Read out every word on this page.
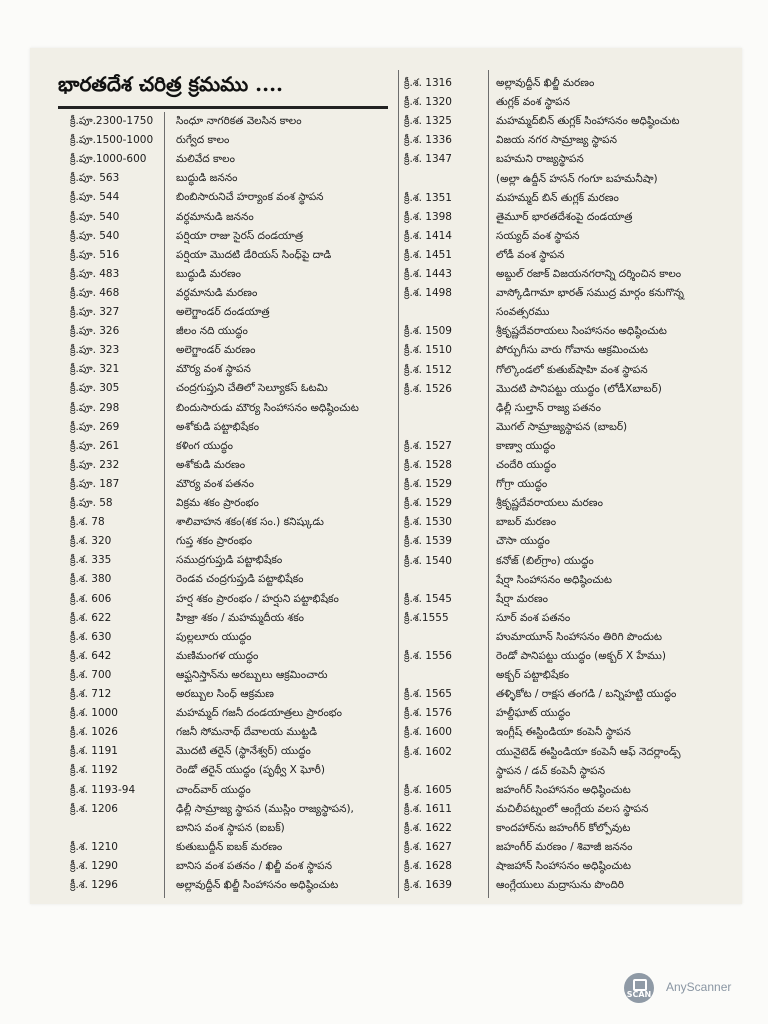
భారతదేశ చరిత్ర క్రమము ....
క్రీ.పూ.2300-1750	సింధూ నాగరికత వెలసిన కాలం
క్రీ.పూ.1500-1000	రుగ్వేద కాలం
క్రీ.పూ.1000-600	మలివేద కాలం
క్రీ.పూ. 563	బుద్ధుడి జననం
క్రీ.పూ. 544	బింబిసారునిచే హర్యాంక వంశ స్థాపన
క్రీ.పూ. 540	వర్ధమానుడి జననం
క్రీ.పూ. 540	పర్షియా రాజు సైరస్ దండయాత్ర
క్రీ.పూ. 516	పర్షియా మొదటి డేరియస్ సింధ్‌పై దాడి
క్రీ.పూ. 483	బుద్ధుడి మరణం
క్రీ.పూ. 468	వర్ధమానుడి మరణం
క్రీ.పూ. 327	అలెగ్జాండర్ దండయాత్ర
క్రీ.పూ. 326	జీలం నది యుద్ధం
క్రీ.పూ. 323	అలెగ్జాండర్ మరణం
క్రీ.పూ. 321	మౌర్య వంశ స్థాపన
క్రీ.పూ. 305	చంద్రగుప్తుని చేతిలో సెల్యూకస్ ఓటమి
క్రీ.పూ. 298	బిందుసారుడు మౌర్య సింహాసనం అధిష్ఠించుట
క్రీ.పూ. 269	అశోకుడి పట్టాభిషేకం
క్రీ.పూ. 261	కళింగ యుద్ధం
క్రీ.పూ. 232	అశోకుడి మరణం
క్రీ.పూ. 187	మౌర్య వంశ పతనం
క్రీ.పూ. 58	విక్రమ శకం ప్రారంభం
క్రీ.శ. 78	శాలివాహన శకం(శక సం.) కనిష్కుడు
క్రీ.శ. 320	గుప్త శకం ప్రారంభం
క్రీ.శ. 335	సముద్రగుప్తుడి పట్టాభిషేకం
క్రీ.శ. 380	రెండవ చంద్రగుప్తుడి పట్టాభిషేకం
క్రీ.శ. 606	హర్ష శకం ప్రారంభం / హర్షుని పట్టాభిషేకం
క్రీ.శ. 622	హిజ్రా శకం / మహమ్మదీయ శకం
క్రీ.శ. 630	పుల్లలూరు యుద్ధం
క్రీ.శ. 642	మణిమంగళ యుద్ధం
క్రీ.శ. 700	ఆఫ్ఘనిస్తాన్‌ను అరబ్బులు ఆక్రమించారు
క్రీ.శ. 712	అరబ్బుల సింధ్ ఆక్రమణ
క్రీ.శ. 1000	మహమ్మద్ గజనీ దండయాత్రలు ప్రారంభం
క్రీ.శ. 1026	గజనీ సోమనాథ్ దేవాలయ ముట్టడి
క్రీ.శ. 1191	మొదటి తరైన్ (స్థానేశ్వర్) యుద్ధం
క్రీ.శ. 1192	రెండో తరైన్ యుద్ధం (పృథ్వీ X ఘోరీ)
క్రీ.శ. 1193-94	చాంద్‌వార్ యుద్ధం
క్రీ.శ. 1206	ఢిల్లీ సామ్రాజ్య స్థాపన (ముస్లిం రాజ్యస్థాపన),
బానిస వంశ స్థాపన (ఐబక్)
క్రీ.శ. 1210	కుతుబుద్దీన్ ఐబక్ మరణం
క్రీ.శ. 1290	బానిస వంశ పతనం / ఖిల్జీ వంశ స్థాపన
క్రీ.శ. 1296	అల్లావుద్దీన్ ఖిల్జీ సింహాసనం అధిష్ఠించుట
క్రీ.శ. 1316	అల్లావుద్దీన్ ఖిల్జీ మరణం
క్రీ.శ. 1320	తుగ్లక్ వంశ స్థాపన
క్రీ.శ. 1325	మహమ్మద్‌బిన్ తుగ్లక్ సింహాసనం అధిష్ఠించుట
క్రీ.శ. 1336	విజయ నగర సామ్రాజ్య స్థాపన
క్రీ.శ. 1347	బహమని రాజ్యస్థాపన
(అల్లా ఉద్దీన్ హసన్ గంగూ బహమనీషా)
క్రీ.శ. 1351	మహమ్మద్ బిన్ తుగ్లక్ మరణం
క్రీ.శ. 1398	తైమూర్ భారతదేశంపై దండయాత్ర
క్రీ.శ. 1414	సయ్యద్ వంశ స్థాపన
క్రీ.శ. 1451	లోడీ వంశ స్థాపన
క్రీ.శ. 1443	అబ్దుల్ రజాక్ విజయనగరాన్ని దర్శించిన కాలం
క్రీ.శ. 1498	వాస్కోడిగామా భారత్ సముద్ర మార్గం కనుగొన్న
సంవత్సరము
క్రీ.శ. 1509	శ్రీకృష్ణదేవరాయలు సింహాసనం అధిష్ఠించుట
క్రీ.శ. 1510	పోర్చుగీసు వారు గోవాను ఆక్రమించుట
క్రీ.శ. 1512	గోల్కొండలో కుతుబ్‌షాహి వంశ స్థాపన
క్రీ.శ. 1526	మొదటి పానిపట్టు యుద్ధం (లోడీXబాబర్)
ఢిల్లీ సుల్తాన్ రాజ్య పతనం
మొగల్ సామ్రాజ్యస్థాపన (బాబర్)
క్రీ.శ. 1527	కాణ్వా యుద్ధం
క్రీ.శ. 1528	చందేరి యుద్ధం
క్రీ.శ. 1529	గోగ్రా యుద్ధం
క్రీ.శ. 1529	శ్రీకృష్ణదేవరాయలు మరణం
క్రీ.శ. 1530	బాబర్ మరణం
క్రీ.శ. 1539	చౌసా యుద్ధం
క్రీ.శ. 1540	కనోజ్ (బిల్‌గ్రాం) యుద్ధం
షేర్షా సింహాసనం అధిష్ఠించుట
క్రీ.శ. 1545	షేర్షా మరణం
క్రీ.శ.1555	సూర్ వంశ పతనం
హుమాయూన్ సింహాసనం తిరిగి పొందుట
క్రీ.శ. 1556	రెండో పానిపట్టు యుద్ధం (అక్బర్ X హేము)
అక్బర్ పట్టాభిషేకం
క్రీ.శ. 1565	తళ్ళికోట / రాక్షస తంగడి / బన్నిహట్టి యుద్ధం
క్రీ.శ. 1576	హల్దీఘాట్ యుద్ధం
క్రీ.శ. 1600	ఇంగ్లీష్ ఈస్టిండియా కంపెనీ స్థాపన
క్రీ.శ. 1602	యునైటెడ్ ఈస్టిండియా కంపెనీ ఆఫ్ నెదర్లాండ్స్
స్థాపన / డచ్ కంపెనీ స్థాపన
క్రీ.శ. 1605	జహంగీర్ సింహాసనం అధిష్ఠించుట
క్రీ.శ. 1611	మచిలీపట్నంలో ఆంగ్లేయ వలస స్థాపన
క్రీ.శ. 1622	కాందహార్‌ను జహంగీర్ కోల్పోవుట
క్రీ.శ. 1627	జహంగీర్ మరణం / శివాజీ జననం
క్రీ.శ. 1628	షాజహాన్ సింహాసనం అధిష్ఠించుట
క్రీ.శ. 1639	ఆంగ్లేయులు మద్రాసును పొందిరి
SCAN
AnyScanner
